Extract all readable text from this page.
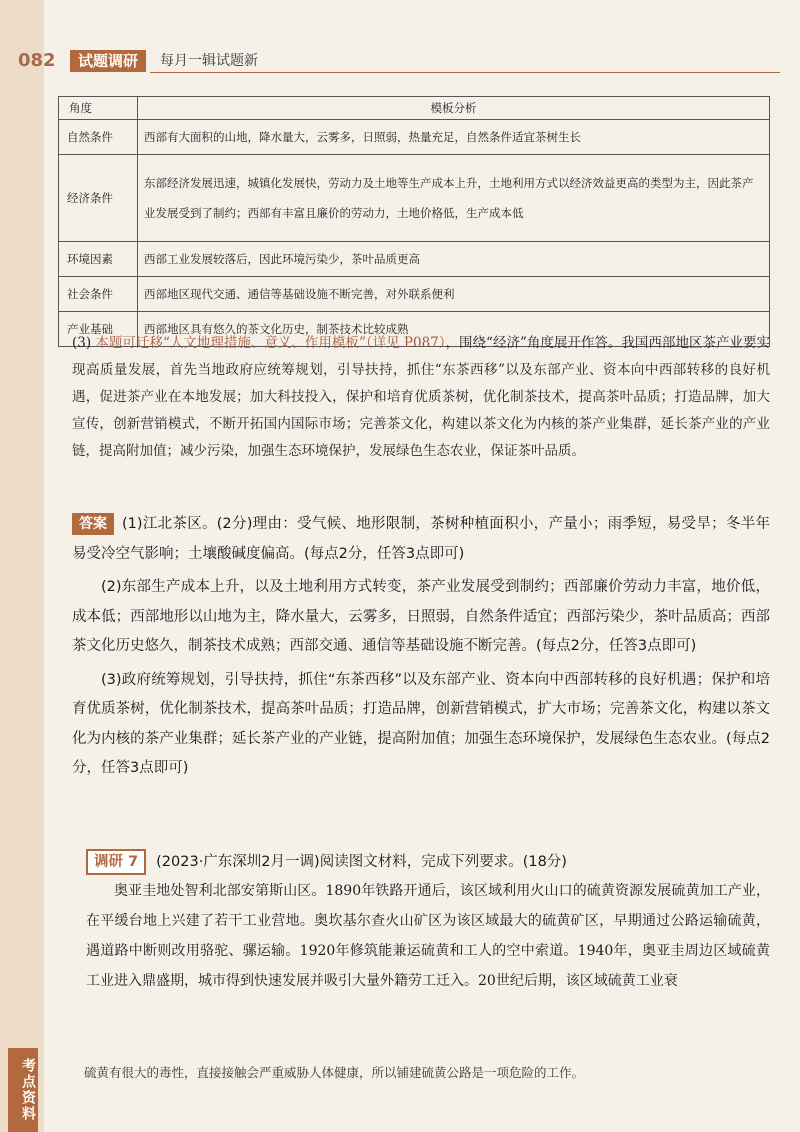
082	试题调研	每月一辑试题新
角度	模板分析
自然条件	西部有大面积的山地，降水量大，云雾多，日照弱，热量充足，自然条件适宜茶树生长
经济条件	东部经济发展迅速，城镇化发展快，劳动力及土地等生产成本上升，土地利用方式以经济效益更高的类型为主，因此茶产业发展受到了制约；西部有丰富且廉价的劳动力，土地价格低，生产成本低
环境因素	西部工业发展较落后，因此环境污染少，茶叶品质更高
社会条件	西部地区现代交通、通信等基础设施不断完善，对外联系便利
产业基础	西部地区具有悠久的茶文化历史，制茶技术比较成熟
(3) 本题可迁移“人文地理措施、意义、作用模板”（详见 P087），围绕“经济”角度展开作答。我国西部地区茶产业要实现高质量发展，首先当地政府应统筹规划，引导扶持，抓住“东茶西移”以及东部产业、资本向中西部转移的良好机遇，促进茶产业在本地发展；加大科技投入，保护和培育优质茶树，优化制茶技术，提高茶叶品质；打造品牌，加大宣传，创新营销模式，不断开拓国内国际市场；完善茶文化，构建以茶文化为内核的茶产业集群，延长茶产业的产业链，提高附加值；减少污染，加强生态环境保护，发展绿色生态农业，保证茶叶品质。

答案 (1)江北茶区。(2分)理由：受气候、地形限制，茶树种植面积小，产量小；雨季短，易受旱；冬半年易受冷空气影响；土壤酸碱度偏高。(每点2分，任答3点即可)

(2)东部生产成本上升，以及土地利用方式转变，茶产业发展受到制约；西部廉价劳动力丰富，地价低，成本低；西部地形以山地为主，降水量大，云雾多，日照弱，自然条件适宜；西部污染少，茶叶品质高；西部茶文化历史悠久，制茶技术成熟；西部交通、通信等基础设施不断完善。(每点2分，任答3点即可)

(3)政府统筹规划，引导扶持，抓住“东茶西移”以及东部产业、资本向中西部转移的良好机遇；保护和培育优质茶树，优化制茶技术，提高茶叶品质；打造品牌，创新营销模式，扩大市场；完善茶文化，构建以茶文化为内核的茶产业集群；延长茶产业的产业链，提高附加值；加强生态环境保护，发展绿色生态农业。(每点2分，任答3点即可)

调研 7 (2023·广东深圳2月一调)阅读图文材料，完成下列要求。(18分)

奥亚圭地处智利北部安第斯山区。1890年铁路开通后，该区域利用火山口的硫黄资源发展硫黄加工产业，在平缓台地上兴建了若干工业营地。奥坎基尔查火山矿区为该区域最大的硫黄矿区，早期通过公路运输硫黄，遇道路中断则改用骆驼、骡运输。1920年修筑能兼运硫黄和工人的空中索道。1940年，奥亚圭周边区域硫黄工业进入鼎盛期，城市得到快速发展并吸引大量外籍劳工迁入。20世纪后期，该区域硫黄工业衰

考点资料	硫黄有很大的毒性，直接接触会严重威胁人体健康，所以铺建硫黄公路是一项危险的工作。
